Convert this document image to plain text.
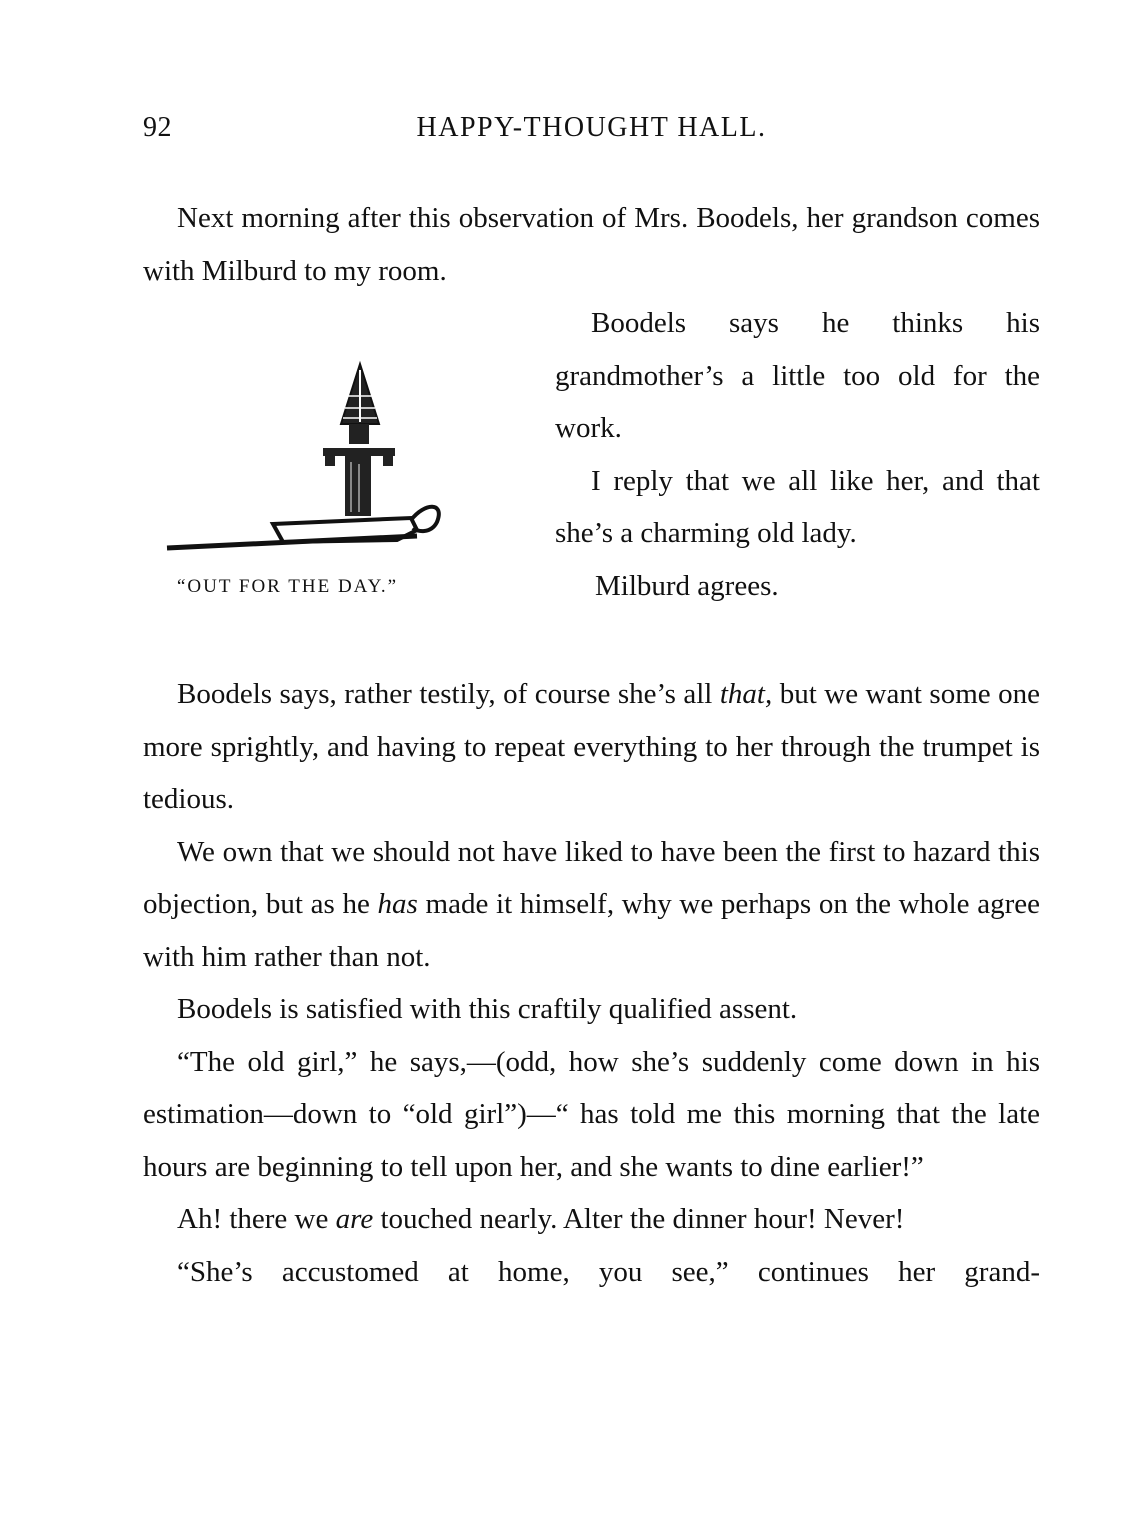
92	HAPPY-THOUGHT HALL.

Next morning after this observation of Mrs. Boodels, her grandson comes with Milburd to my room.

“OUT FOR THE DAY.”

Boodels says he thinks his grandmother’s a little too old for the work.

I reply that we all like her, and that she’s a charming old lady.

Milburd agrees.

Boodels says, rather testily, of course she’s all that, but we want some one more sprightly, and having to repeat everything to her through the trumpet is tedious.

We own that we should not have liked to have been the first to hazard this objection, but as he has made it himself, why we perhaps on the whole agree with him rather than not.

Boodels is satisfied with this craftily qualified assent.

“The old girl,” he says,—(odd, how she’s suddenly come down in his estimation—down to “old girl”)—“ has told me this morning that the late hours are beginning to tell upon her, and she wants to dine earlier!”

Ah! there we are touched nearly. Alter the dinner hour! Never!

“She’s accustomed at home, you see,” continues her grand-
